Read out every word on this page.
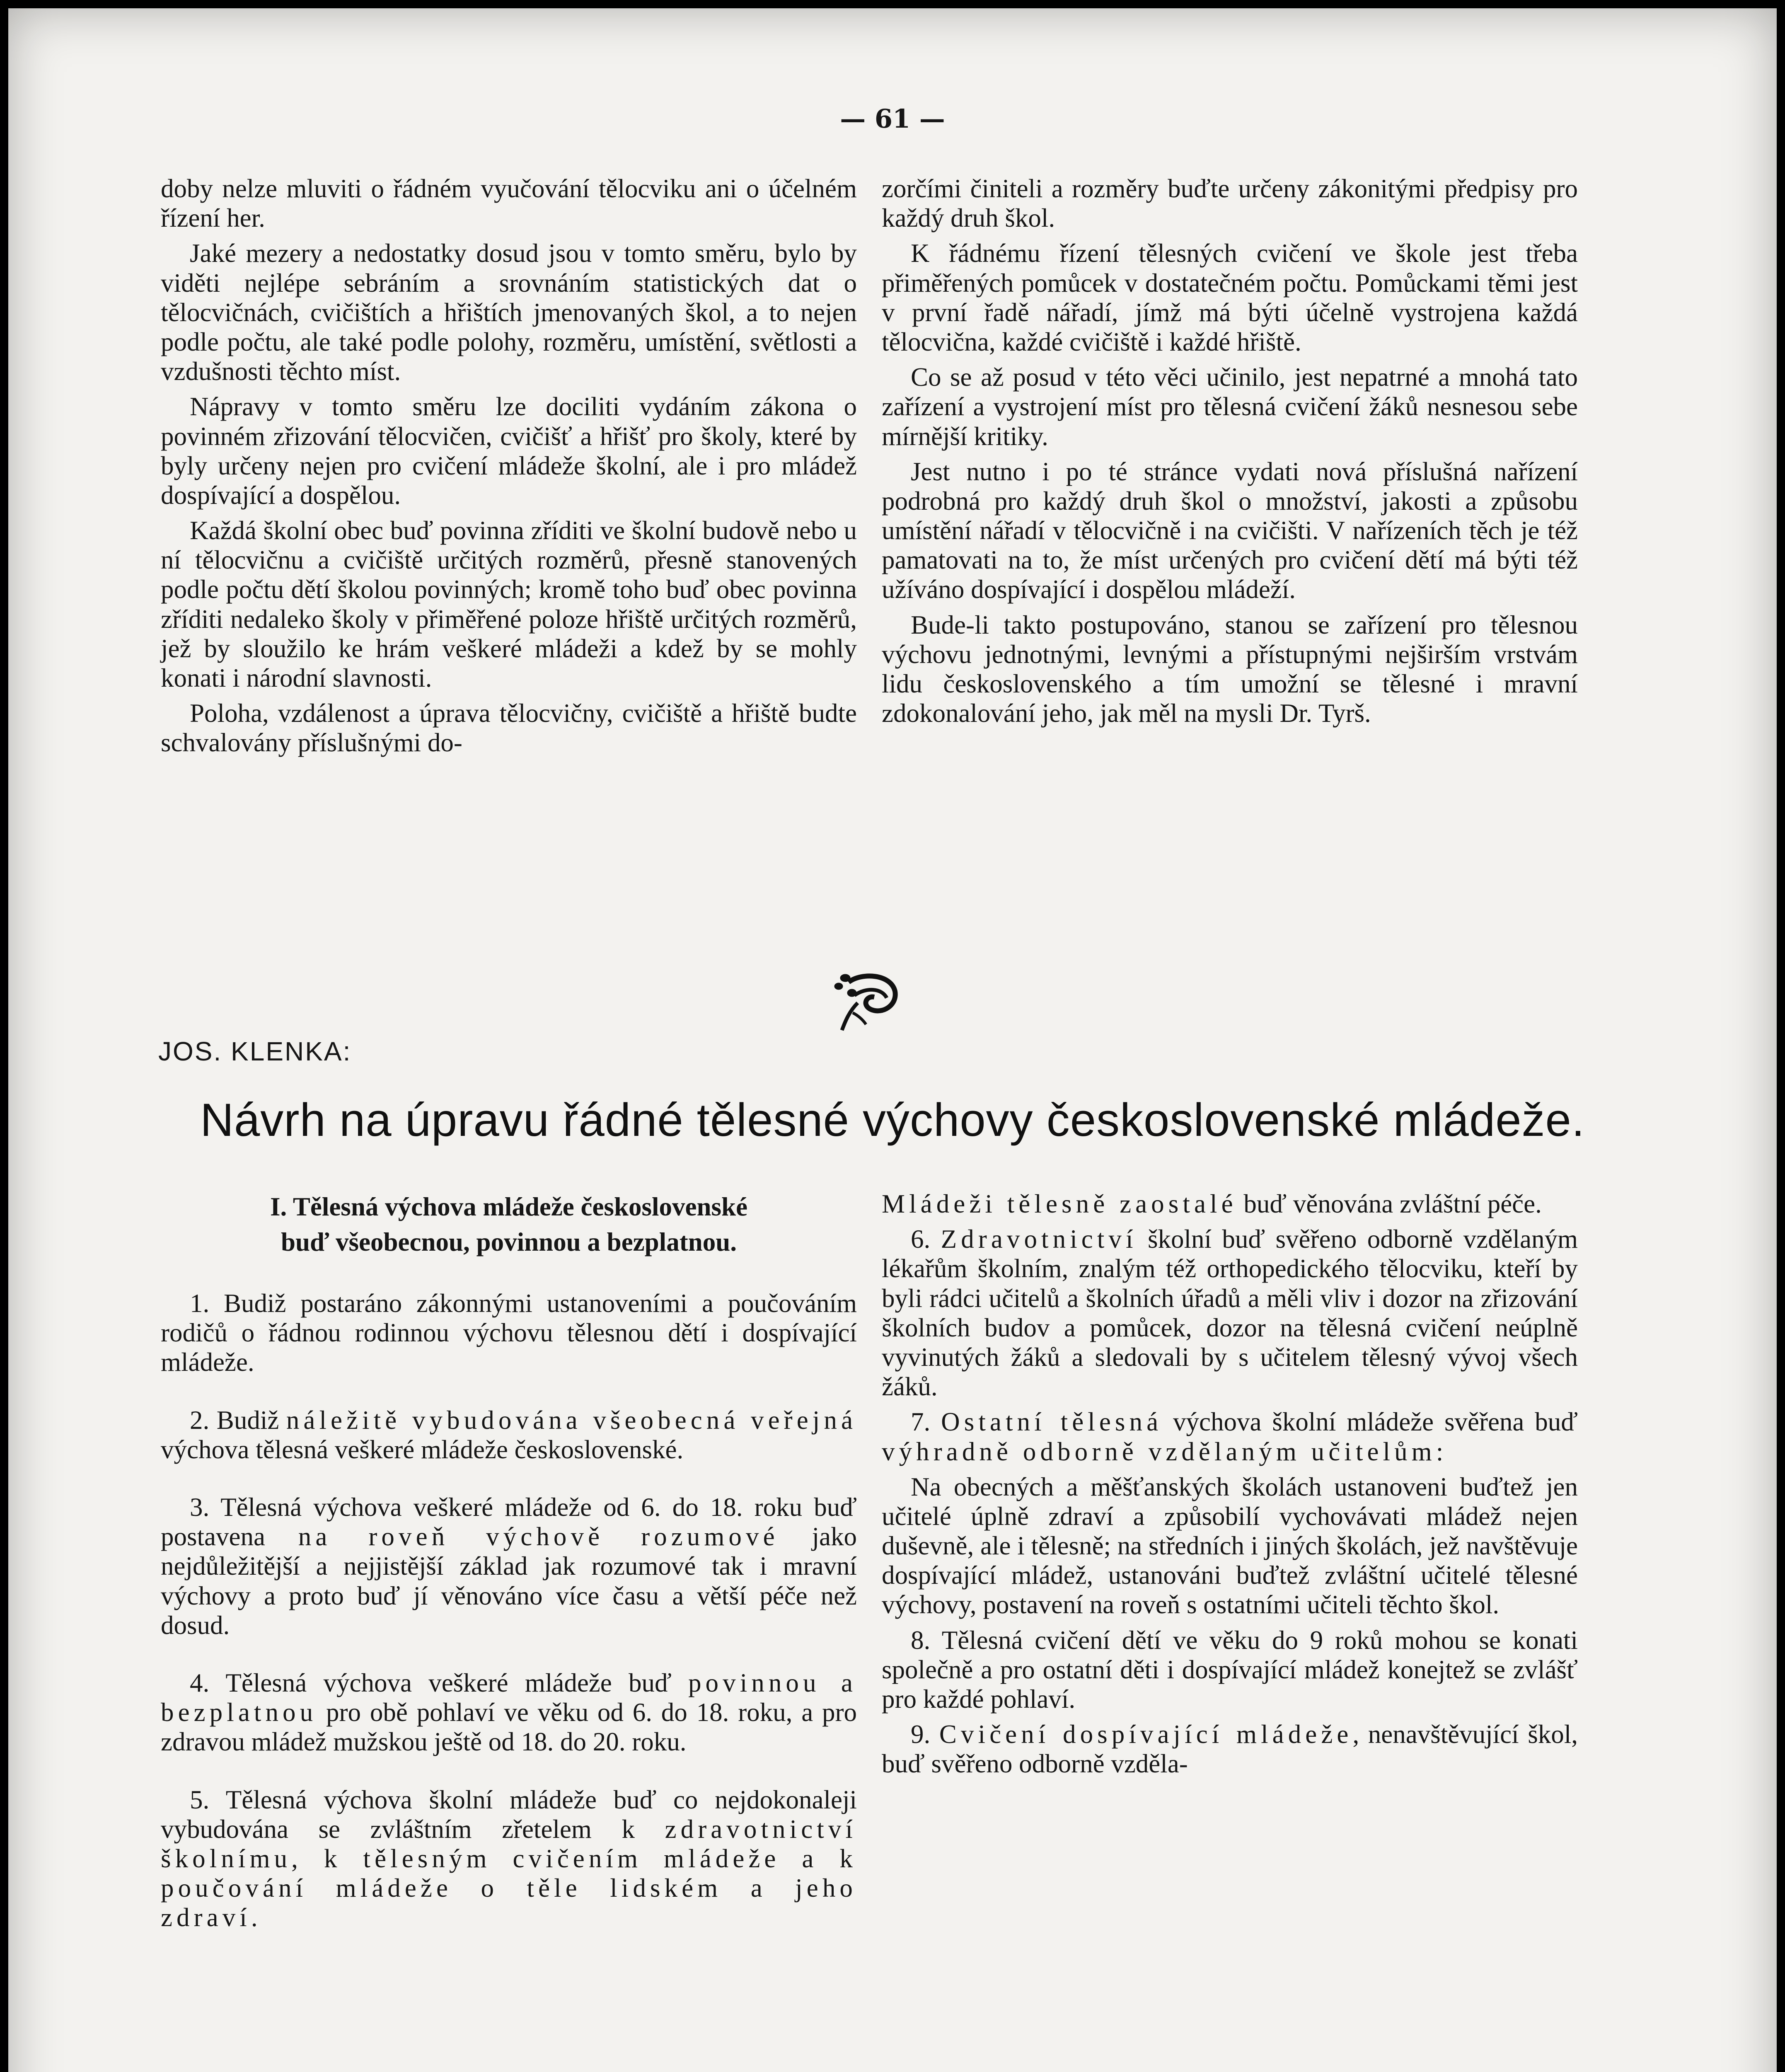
— 61 —

doby nelze mluviti o řádném vyučování tělocviku ani o účelném řízení her.

Jaké mezery a nedostatky dosud jsou v tomto směru, bylo by viděti nejlépe sebráním a srovnáním statistických dat o tělocvičnách, cvičištích a hřištích jmenovaných škol, a to nejen podle počtu, ale také podle polohy, rozměru, umístění, světlosti a vzdušnosti těchto míst.

Nápravy v tomto směru lze dociliti vydáním zákona o povinném zřizování tělocvičen, cvičišť a hřišť pro školy, které by byly určeny nejen pro cvičení mládeže školní, ale i pro mládež dospívající a dospělou.

Každá školní obec buď povinna zříditi ve školní budově nebo u ní tělocvičnu a cvičiště určitých rozměrů, přesně stanovených podle počtu dětí školou povinných; kromě toho buď obec povinna zříditi nedaleko školy v přiměřené poloze hřiště určitých rozměrů, jež by sloužilo ke hrám veškeré mládeži a kdež by se mohly konati i národní slavnosti.

Poloha, vzdálenost a úprava tělocvičny, cvičiště a hřiště budte schvalovány příslušnými do-

zorčími činiteli a rozměry buďte určeny zákonitými předpisy pro každý druh škol.

K řádnému řízení tělesných cvičení ve škole jest třeba přiměřených pomůcek v dostatečném počtu. Pomůckami těmi jest v první řadě nářadí, jímž má býti účelně vystrojena každá tělocvična, každé cvičiště i každé hřiště.

Co se až posud v této věci učinilo, jest nepatrné a mnohá tato zařízení a vystrojení míst pro tělesná cvičení žáků nesnesou sebe mírnější kritiky.

Jest nutno i po té stránce vydati nová příslušná nařízení podrobná pro každý druh škol o množství, jakosti a způsobu umístění nářadí v tělocvičně i na cvičišti. V nařízeních těch je též pamatovati na to, že míst určených pro cvičení dětí má býti též užíváno dospívající i dospělou mládeží.

Bude-li takto postupováno, stanou se zařízení pro tělesnou výchovu jednotnými, levnými a přístupnými nejširším vrstvám lidu československého a tím umožní se tělesné i mravní zdokonalování jeho, jak měl na mysli Dr. Tyrš.

JOS. KLENKA:
Návrh na úpravu řádné tělesné výchovy československé mládeže.
I. Tělesná výchova mládeže československé
buď všeobecnou, povinnou a bezplatnou.

1. Budiž postaráno zákonnými ustanoveními a poučováním rodičů o řádnou rodinnou výchovu tělesnou dětí i dospívající mládeže.

2. Budiž náležitě vybudována všeobecná veřejná výchova tělesná veškeré mládeže československé.

3. Tělesná výchova veškeré mládeže od 6. do 18. roku buď postavena na roveň výchově rozumové jako nejdůležitější a nejjistější základ jak rozumové tak i mravní výchovy a proto buď jí věnováno více času a větší péče než dosud.

4. Tělesná výchova veškeré mládeže buď povinnou a bezplatnou pro obě pohlaví ve věku od 6. do 18. roku, a pro zdravou mládež mužskou ještě od 18. do 20. roku.

5. Tělesná výchova školní mládeže buď co nejdokonaleji vybudována se zvláštním zřetelem k zdravotnictví školnímu, k tělesným cvičením mládeže a k poučování mládeže o těle lidském a jeho zdraví.

Mládeži tělesně zaostalé buď věnována zvláštní péče.

6. Zdravotnictví školní buď svěřeno odborně vzdělaným lékařům školním, znalým též orthopedického tělocviku, kteří by byli rádci učitelů a školních úřadů a měli vliv i dozor na zřizování školních budov a pomůcek, dozor na tělesná cvičení neúplně vyvinutých žáků a sledovali by s učitelem tělesný vývoj všech žáků.

7. Ostatní tělesná výchova školní mládeže svěřena buď výhradně odborně vzdělaným učitelům:

Na obecných a měšťanských školách ustanoveni buďtež jen učitelé úplně zdraví a způsobilí vychovávati mládež nejen duševně, ale i tělesně; na středních i jiných školách, jež navštěvuje dospívající mládež, ustanováni buďtež zvláštní učitelé tělesné výchovy, postavení na roveň s ostatními učiteli těchto škol.

8. Tělesná cvičení dětí ve věku do 9 roků mohou se konati společně a pro ostatní děti i dospívající mládež konejtež se zvlášť pro každé pohlaví.

9. Cvičení dospívající mládeže, nenavštěvující škol, buď svěřeno odborně vzděla-
